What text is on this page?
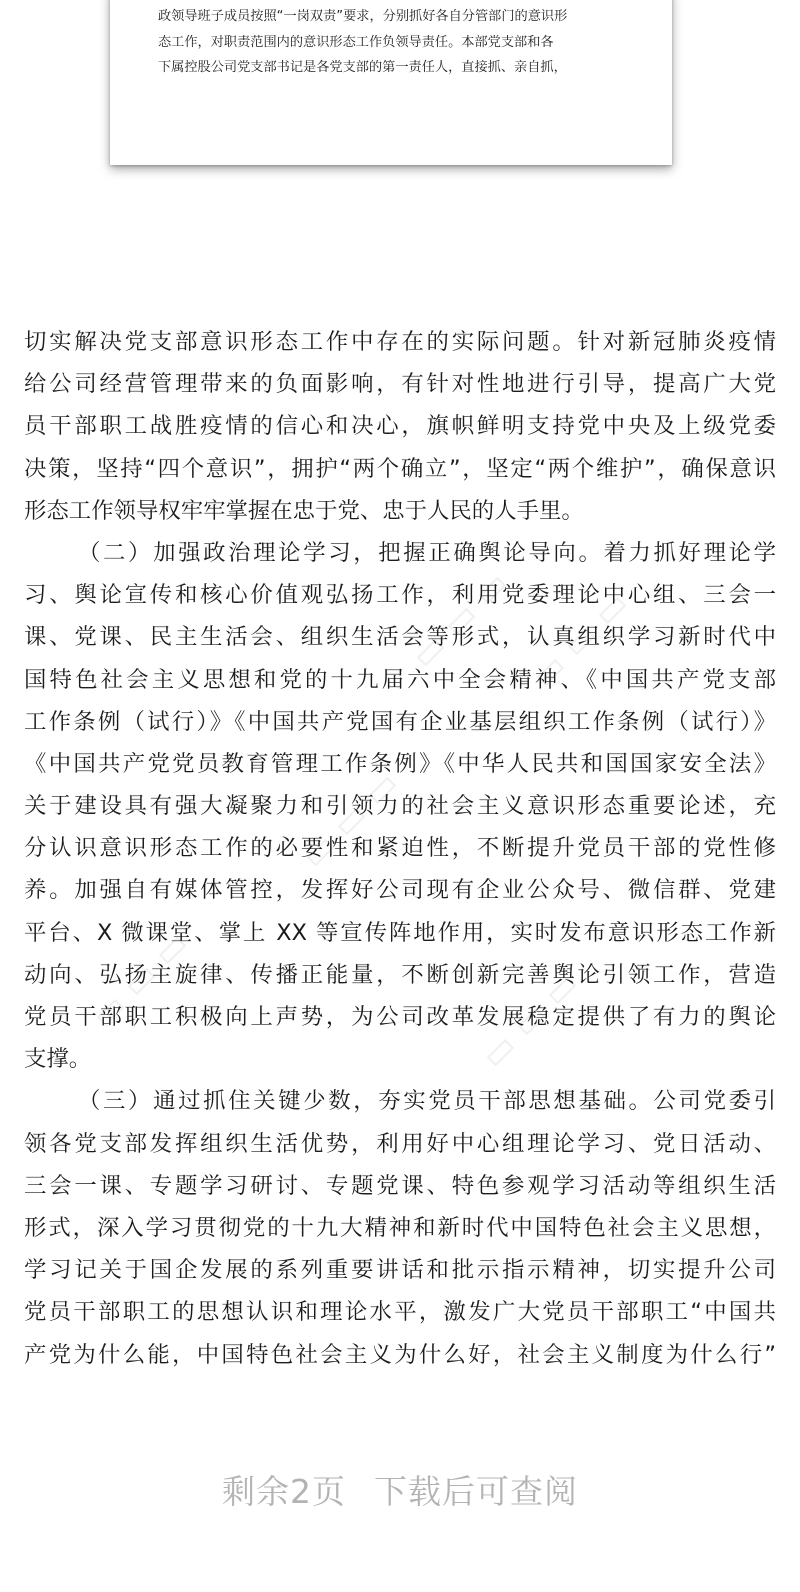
政领导班子成员按照“一岗双责”要求，分别抓好各自分管部门的意识形
态工作，对职责范围内的意识形态工作负领导责任。本部党支部和各
下属控股公司党支部书记是各党支部的第一责任人，直接抓、亲自抓，
▭ ▭ ▭ ▭ ▭ ▭
▭ ▭ ▭
▭ ▭ ▭	▭ ▭ ▭
切实解决党支部意识形态工作中存在的实际问题。针对新冠肺炎疫情
给公司经营管理带来的负面影响，有针对性地进行引导，提高广大党
员干部职工战胜疫情的信心和决心，旗帜鲜明支持党中央及上级党委
决策，坚持“四个意识”，拥护“两个确立”，坚定“两个维护”，确保意识
形态工作领导权牢牢掌握在忠于党、忠于人民的人手里。
（二）加强政治理论学习，把握正确舆论导向。着力抓好理论学
习、舆论宣传和核心价值观弘扬工作，利用党委理论中心组、三会一
课、党课、民主生活会、组织生活会等形式，认真组织学习新时代中
国特色社会主义思想和党的十九届六中全会精神、《中国共产党支部
工作条例（试行）》《中国共产党国有企业基层组织工作条例（试行）》
《中国共产党党员教育管理工作条例》《中华人民共和国国家安全法》
关于建设具有强大凝聚力和引领力的社会主义意识形态重要论述，充
分认识意识形态工作的必要性和紧迫性，不断提升党员干部的党性修
养。加强自有媒体管控，发挥好公司现有企业公众号、微信群、党建
平台、X 微课堂、掌上 XX 等宣传阵地作用，实时发布意识形态工作新
动向、弘扬主旋律、传播正能量，不断创新完善舆论引领工作，营造
党员干部职工积极向上声势，为公司改革发展稳定提供了有力的舆论
支撑。
（三）通过抓住关键少数，夯实党员干部思想基础。公司党委引
领各党支部发挥组织生活优势，利用好中心组理论学习、党日活动、
三会一课、专题学习研讨、专题党课、特色参观学习活动等组织生活
形式，深入学习贯彻党的十九大精神和新时代中国特色社会主义思想，
学习记关于国企发展的系列重要讲话和批示指示精神，切实提升公司
党员干部职工的思想认识和理论水平，激发广大党员干部职工“中国共
产党为什么能，中国特色社会主义为什么好，社会主义制度为什么行”
剩余2页 下载后可查阅
